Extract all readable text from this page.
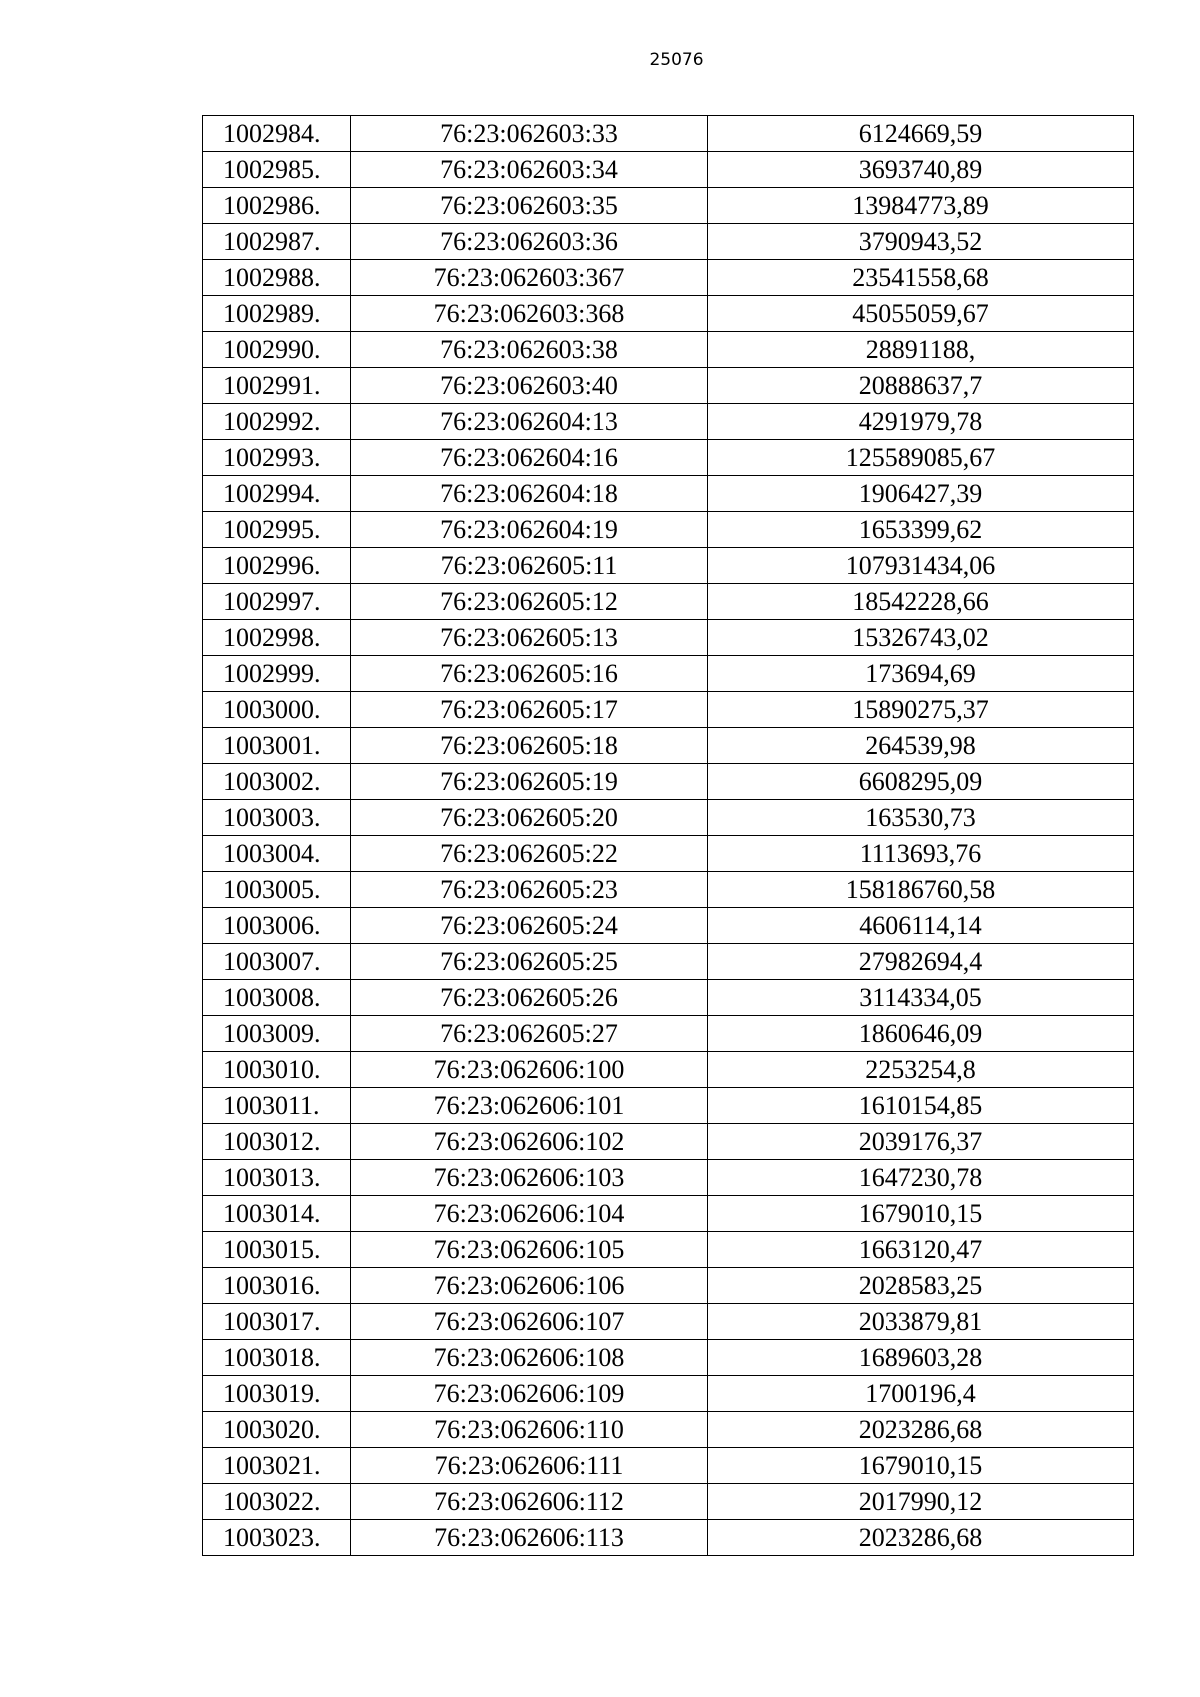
25076
1002984.	76:23:062603:33	6124669,59
1002985.	76:23:062603:34	3693740,89
1002986.	76:23:062603:35	13984773,89
1002987.	76:23:062603:36	3790943,52
1002988.	76:23:062603:367	23541558,68
1002989.	76:23:062603:368	45055059,67
1002990.	76:23:062603:38	28891188,
1002991.	76:23:062603:40	20888637,7
1002992.	76:23:062604:13	4291979,78
1002993.	76:23:062604:16	125589085,67
1002994.	76:23:062604:18	1906427,39
1002995.	76:23:062604:19	1653399,62
1002996.	76:23:062605:11	107931434,06
1002997.	76:23:062605:12	18542228,66
1002998.	76:23:062605:13	15326743,02
1002999.	76:23:062605:16	173694,69
1003000.	76:23:062605:17	15890275,37
1003001.	76:23:062605:18	264539,98
1003002.	76:23:062605:19	6608295,09
1003003.	76:23:062605:20	163530,73
1003004.	76:23:062605:22	1113693,76
1003005.	76:23:062605:23	158186760,58
1003006.	76:23:062605:24	4606114,14
1003007.	76:23:062605:25	27982694,4
1003008.	76:23:062605:26	3114334,05
1003009.	76:23:062605:27	1860646,09
1003010.	76:23:062606:100	2253254,8
1003011.	76:23:062606:101	1610154,85
1003012.	76:23:062606:102	2039176,37
1003013.	76:23:062606:103	1647230,78
1003014.	76:23:062606:104	1679010,15
1003015.	76:23:062606:105	1663120,47
1003016.	76:23:062606:106	2028583,25
1003017.	76:23:062606:107	2033879,81
1003018.	76:23:062606:108	1689603,28
1003019.	76:23:062606:109	1700196,4
1003020.	76:23:062606:110	2023286,68
1003021.	76:23:062606:111	1679010,15
1003022.	76:23:062606:112	2017990,12
1003023.	76:23:062606:113	2023286,68
